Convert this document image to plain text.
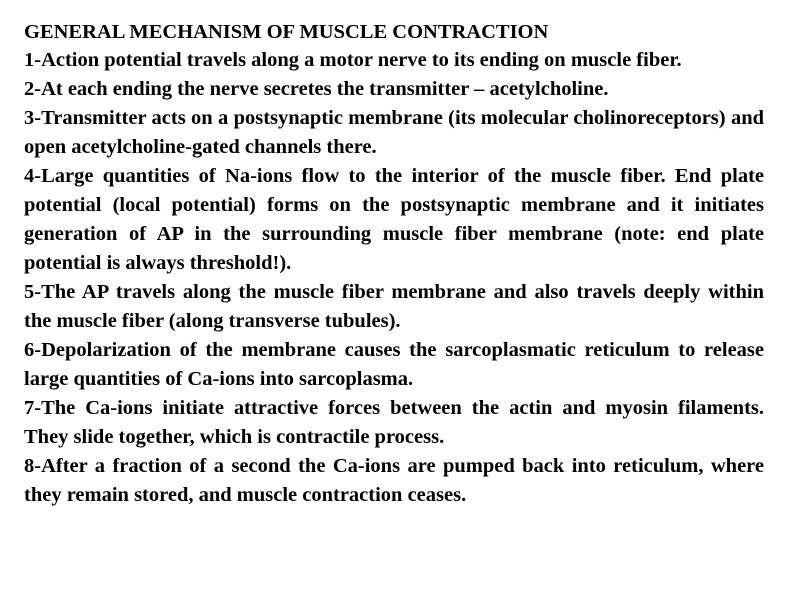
GENERAL MECHANISM OF MUSCLE CONTRACTION

1-Action potential travels along a motor nerve to its ending on muscle fiber.

2-At each ending the nerve secretes the transmitter – acetylcholine.

3-Transmitter acts on a postsynaptic membrane (its molecular cholinoreceptors) and open acetylcholine-gated channels there.

4-Large quantities of Na-ions flow to the interior of the muscle fiber. End plate potential (local potential) forms on the postsynaptic membrane and it initiates generation of AP in the surrounding muscle fiber membrane (note: end plate potential is always threshold!).

5-The AP travels along the muscle fiber membrane and also travels deeply within the muscle fiber (along transverse tubules).

6-Depolarization of the membrane causes the sarcoplasmatic reticulum to release large quantities of Ca-ions into sarcoplasma.

7-The Ca-ions initiate attractive forces between the actin and myosin filaments. They slide together, which is contractile process.

8-After a fraction of a second the Ca-ions are pumped back into reticulum, where they remain stored, and muscle contraction ceases.
